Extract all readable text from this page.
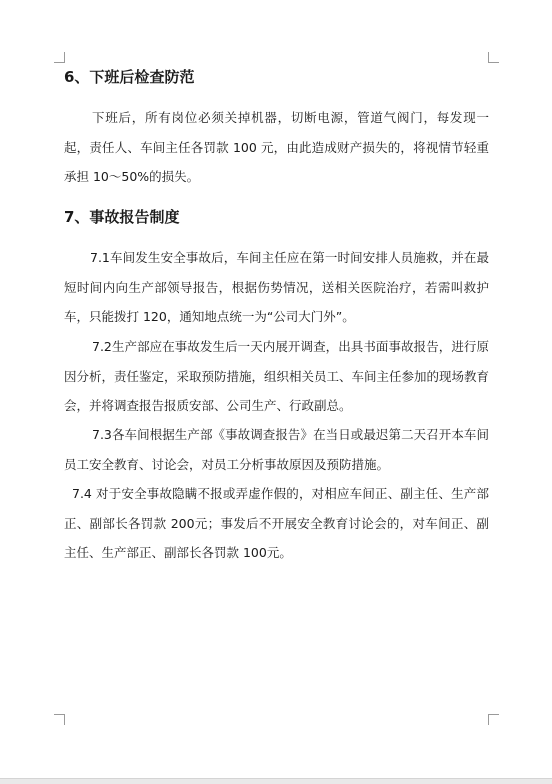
6、下班后检查防范

下班后，所有岗位必须关掉机器，切断电源，管道气阀门，每发现一起，责任人、车间主任各罚款 100 元，由此造成财产损失的，将视情节轻重承担 10～50%的损失。

7、事故报告制度

7.1车间发生安全事故后，车间主任应在第一时间安排人员施救，并在最短时间内向生产部领导报告，根据伤势情况，送相关医院治疗，若需叫救护车，只能拨打 120，通知地点统一为“公司大门外”。

7.2生产部应在事故发生后一天内展开调查，出具书面事故报告，进行原因分析，责任鉴定，采取预防措施，组织相关员工、车间主任参加的现场教育会，并将调查报告报质安部、公司生产、行政副总。

7.3各车间根据生产部《事故调查报告》在当日或最迟第二天召开本车间员工安全教育、讨论会，对员工分析事故原因及预防措施。

7.4 对于安全事故隐瞒不报或弄虚作假的，对相应车间正、副主任、生产部正、副部长各罚款 200元；事发后不开展安全教育讨论会的，对车间正、副主任、生产部正、副部长各罚款 100元。
